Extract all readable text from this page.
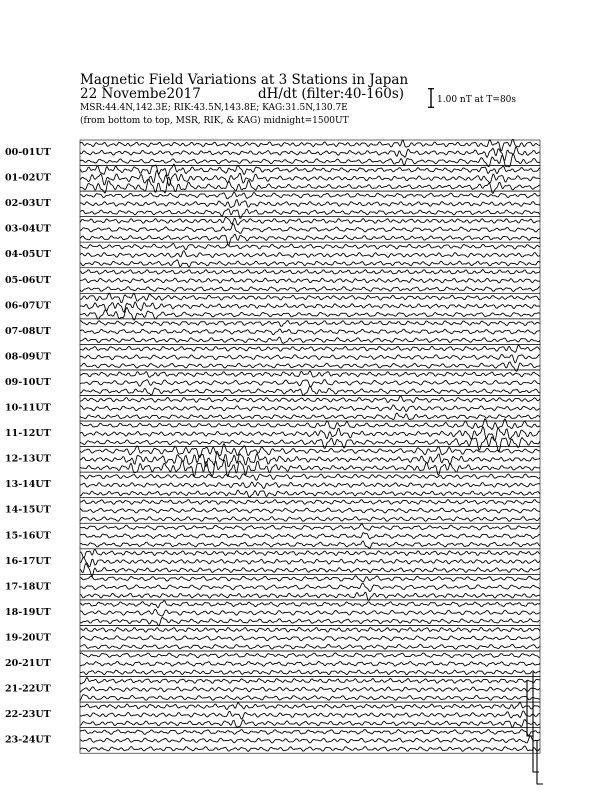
Magnetic Field Variations at 3 Stations in Japan
22 Novembe2017	dH/dt (filter:40-160s)
MSR:44.4N,142.3E; RIK:43.5N,143.8E; KAG:31.5N,130.7E
(from bottom to top, MSR, RIK, & KAG) midnight=1500UT
1.00 nT at T=80s
00-01UT
01-02UT
02-03UT
03-04UT
04-05UT
05-06UT
06-07UT
07-08UT
08-09UT
09-10UT
10-11UT
11-12UT
12-13UT
13-14UT
14-15UT
15-16UT
16-17UT
17-18UT
18-19UT
19-20UT
20-21UT
21-22UT
22-23UT
23-24UT
